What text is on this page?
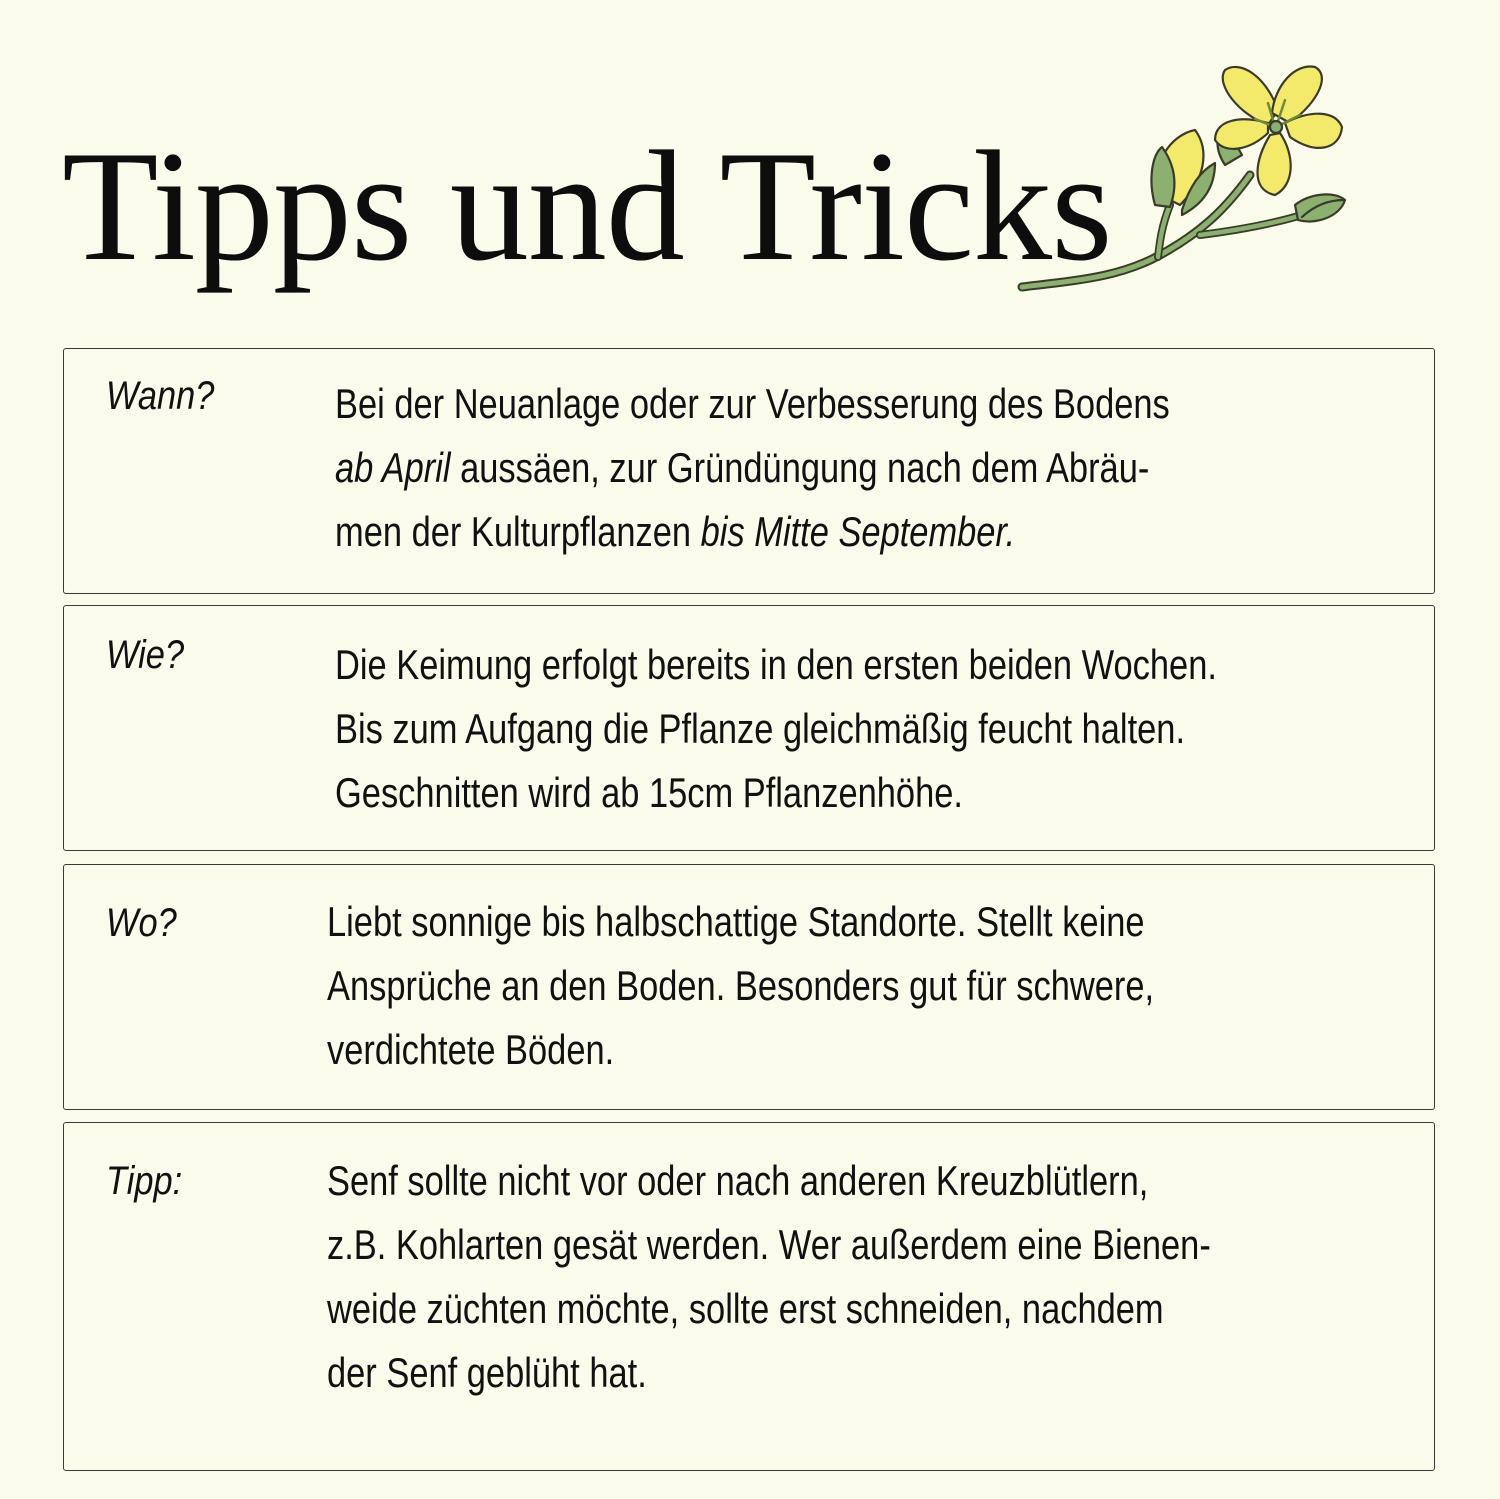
Tipps und Tricks
Wann?	Bei der Neuanlage oder zur Verbesserung des Bodens
ab April aussäen, zur Gründüngung nach dem Abräu-
men der Kulturpflanzen bis Mitte September.
Wie?	Die Keimung erfolgt bereits in den ersten beiden Wochen.
Bis zum Aufgang die Pflanze gleichmäßig feucht halten.
Geschnitten wird ab 15cm Pflanzenhöhe.
Wo?	Liebt sonnige bis halbschattige Standorte. Stellt keine
Ansprüche an den Boden. Besonders gut für schwere,
verdichtete Böden.
Tipp:	Senf sollte nicht vor oder nach anderen Kreuzblütlern,
z.B. Kohlarten gesät werden. Wer außerdem eine Bienen-
weide züchten möchte, sollte erst schneiden, nachdem
der Senf geblüht hat.
